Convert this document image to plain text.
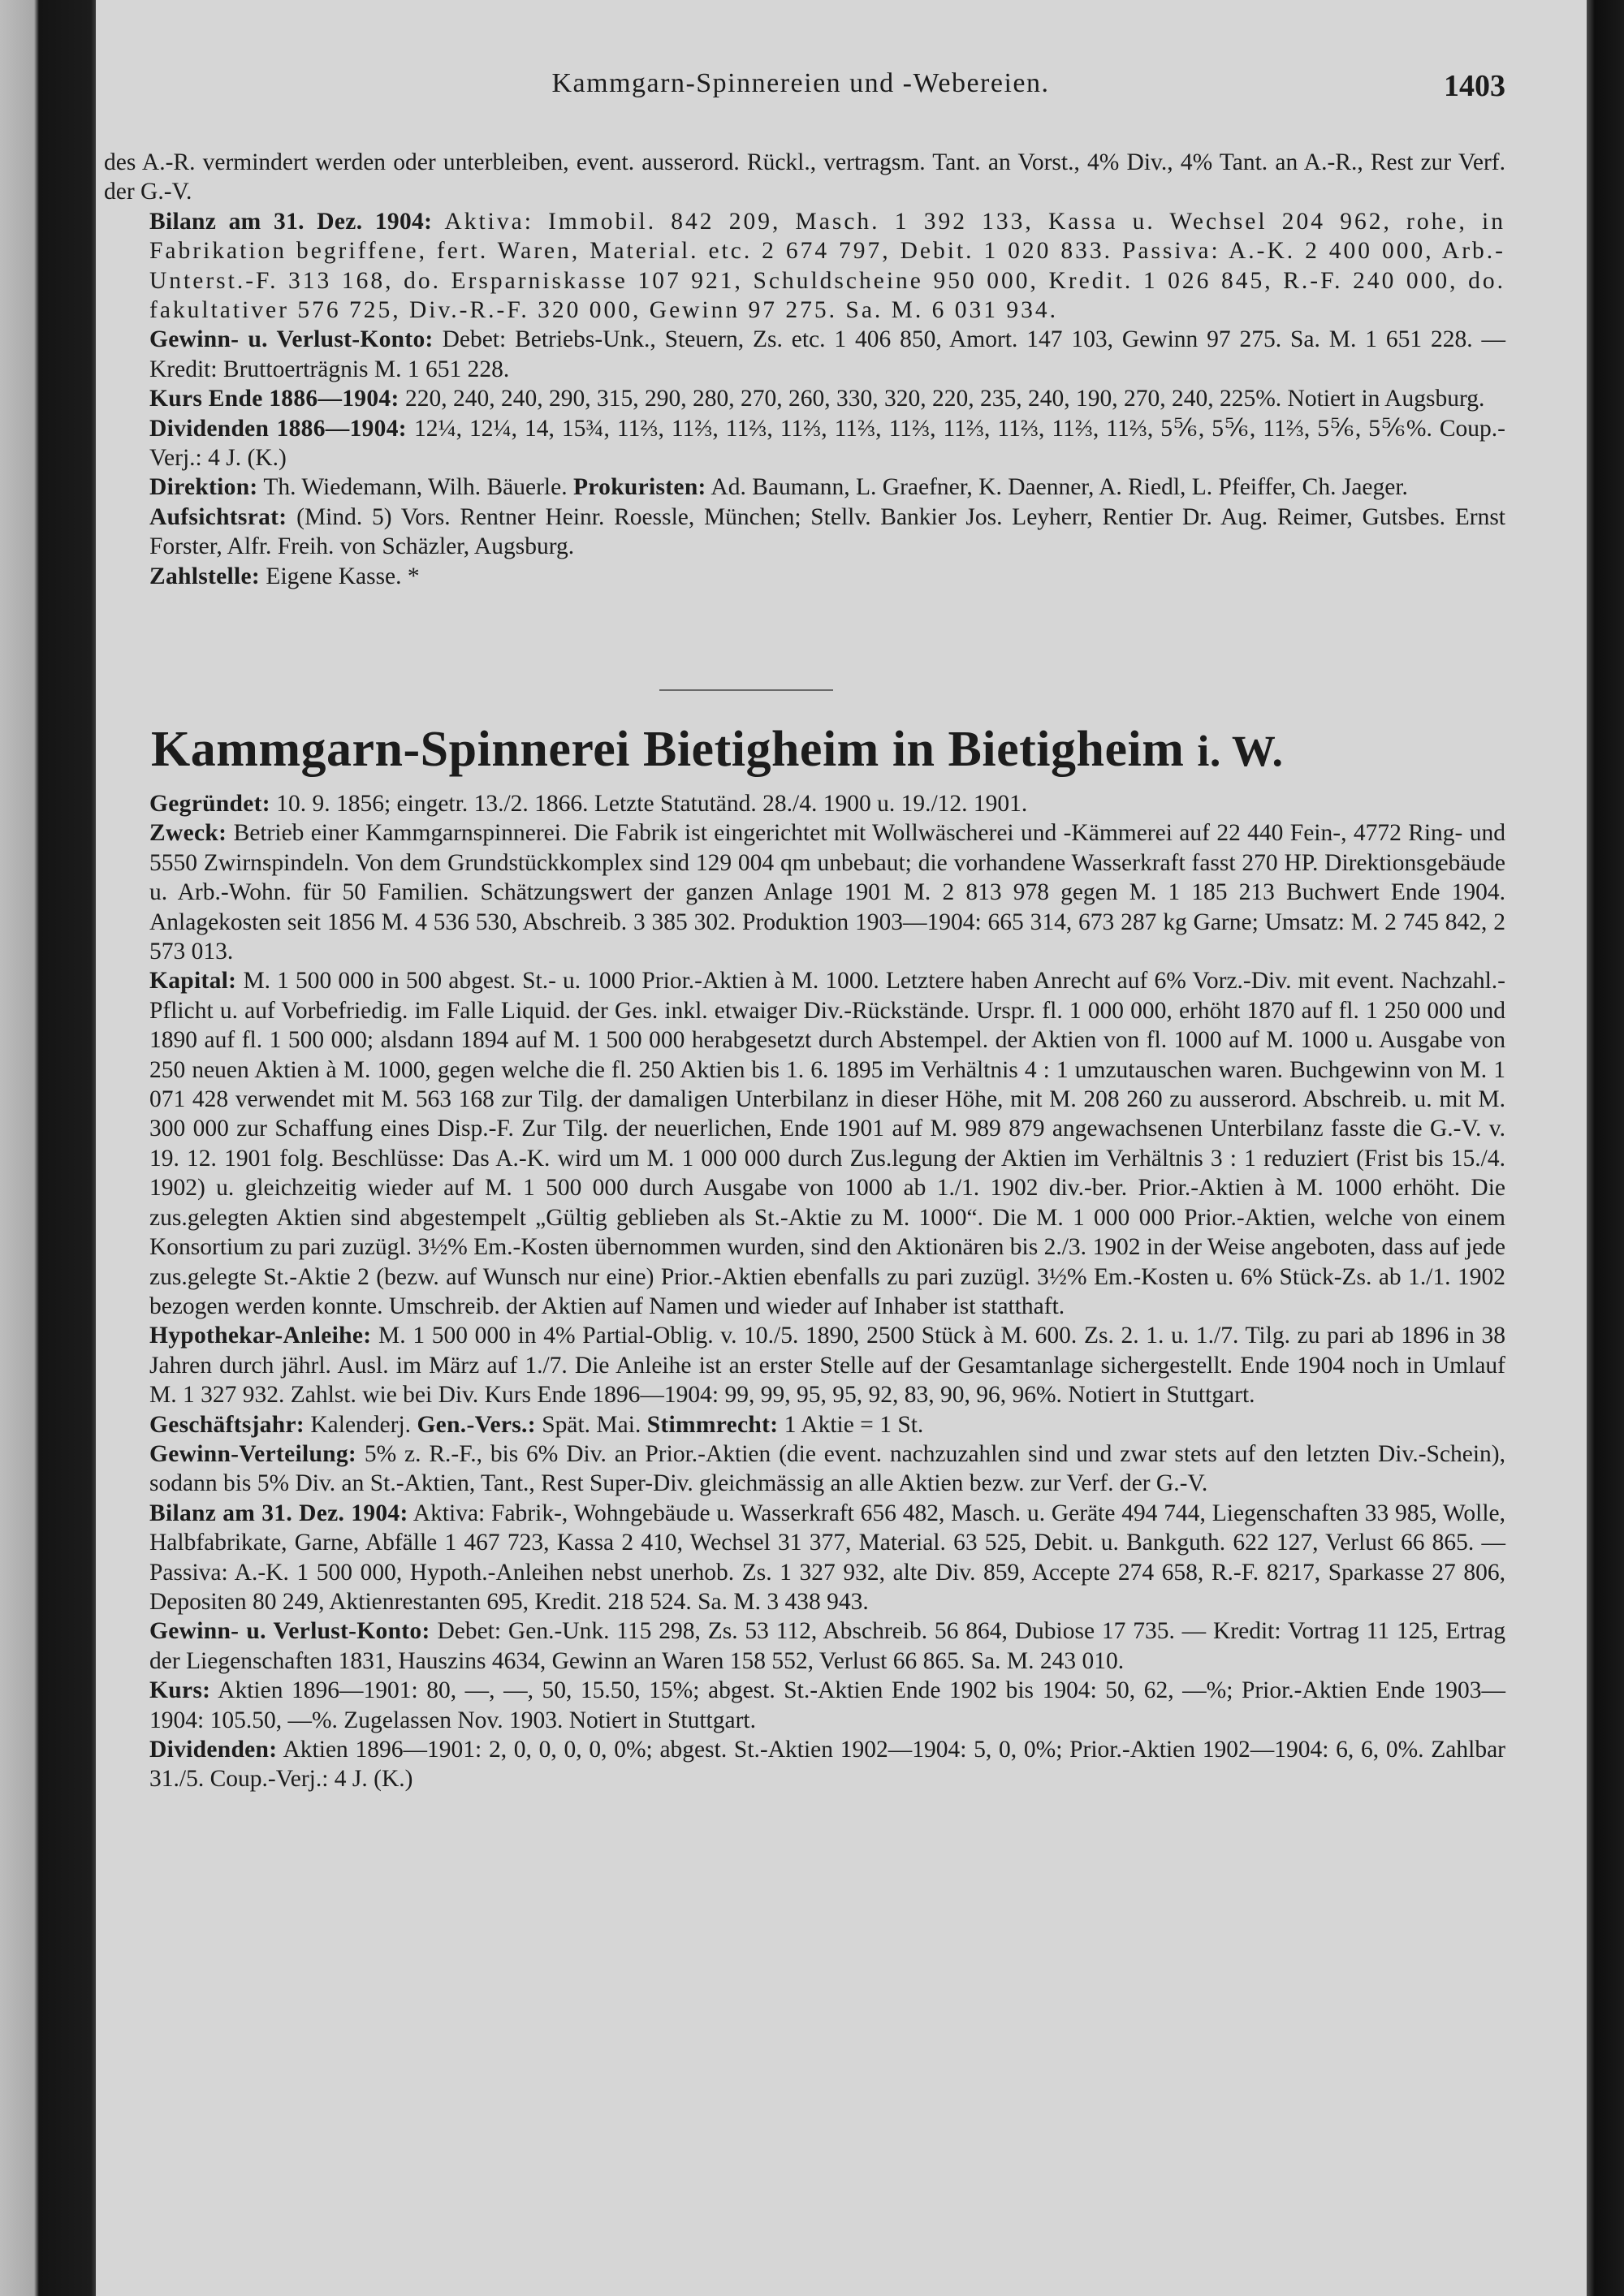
Kammgarn-Spinnereien und -Webereien.	1403

des A.-R. vermindert werden oder unterbleiben, event. ausserord. Rückl., vertragsm. Tant. an Vorst., 4% Div., 4% Tant. an A.-R., Rest zur Verf. der G.-V.

Bilanz am 31. Dez. 1904: Aktiva: Immobil. 842 209, Masch. 1 392 133, Kassa u. Wechsel 204 962, rohe, in Fabrikation begriffene, fert. Waren, Material. etc. 2 674 797, Debit. 1 020 833. Passiva: A.-K. 2 400 000, Arb.-Unterst.-F. 313 168, do. Ersparniskasse 107 921, Schuldscheine 950 000, Kredit. 1 026 845, R.-F. 240 000, do. fakultativer 576 725, Div.-R.-F. 320 000, Gewinn 97 275. Sa. M. 6 031 934.

Gewinn- u. Verlust-Konto: Debet: Betriebs-Unk., Steuern, Zs. etc. 1 406 850, Amort. 147 103, Gewinn 97 275. Sa. M. 1 651 228. — Kredit: Bruttoerträgnis M. 1 651 228.

Kurs Ende 1886—1904: 220, 240, 240, 290, 315, 290, 280, 270, 260, 330, 320, 220, 235, 240, 190, 270, 240, 225%. Notiert in Augsburg.

Dividenden 1886—1904: 12¼, 12¼, 14, 15¾, 11⅔, 11⅔, 11⅔, 11⅔, 11⅔, 11⅔, 11⅔, 11⅔, 11⅔, 11⅔, 5⅚, 5⅚, 11⅔, 5⅚, 5⅚%. Coup.-Verj.: 4 J. (K.)

Direktion: Th. Wiedemann, Wilh. Bäuerle. Prokuristen: Ad. Baumann, L. Graefner, K. Daenner, A. Riedl, L. Pfeiffer, Ch. Jaeger.

Aufsichtsrat: (Mind. 5) Vors. Rentner Heinr. Roessle, München; Stellv. Bankier Jos. Leyherr, Rentier Dr. Aug. Reimer, Gutsbes. Ernst Forster, Alfr. Freih. von Schäzler, Augsburg.

Zahlstelle: Eigene Kasse. *

Kammgarn-Spinnerei Bietigheim in Bietigheim i. W.

Gegründet: 10. 9. 1856; eingetr. 13./2. 1866. Letzte Statutänd. 28./4. 1900 u. 19./12. 1901.

Zweck: Betrieb einer Kammgarnspinnerei. Die Fabrik ist eingerichtet mit Wollwäscherei und -Kämmerei auf 22 440 Fein-, 4772 Ring- und 5550 Zwirnspindeln. Von dem Grundstückkomplex sind 129 004 qm unbebaut; die vorhandene Wasserkraft fasst 270 HP. Direktionsgebäude u. Arb.-Wohn. für 50 Familien. Schätzungswert der ganzen Anlage 1901 M. 2 813 978 gegen M. 1 185 213 Buchwert Ende 1904. Anlagekosten seit 1856 M. 4 536 530, Abschreib. 3 385 302. Produktion 1903—1904: 665 314, 673 287 kg Garne; Umsatz: M. 2 745 842, 2 573 013.

Kapital: M. 1 500 000 in 500 abgest. St.- u. 1000 Prior.-Aktien à M. 1000. Letztere haben Anrecht auf 6% Vorz.-Div. mit event. Nachzahl.-Pflicht u. auf Vorbefriedig. im Falle Liquid. der Ges. inkl. etwaiger Div.-Rückstände. Urspr. fl. 1 000 000, erhöht 1870 auf fl. 1 250 000 und 1890 auf fl. 1 500 000; alsdann 1894 auf M. 1 500 000 herabgesetzt durch Abstempel. der Aktien von fl. 1000 auf M. 1000 u. Ausgabe von 250 neuen Aktien à M. 1000, gegen welche die fl. 250 Aktien bis 1. 6. 1895 im Verhältnis 4 : 1 umzutauschen waren. Buchgewinn von M. 1 071 428 verwendet mit M. 563 168 zur Tilg. der damaligen Unterbilanz in dieser Höhe, mit M. 208 260 zu ausserord. Abschreib. u. mit M. 300 000 zur Schaffung eines Disp.-F. Zur Tilg. der neuerlichen, Ende 1901 auf M. 989 879 angewachsenen Unterbilanz fasste die G.-V. v. 19. 12. 1901 folg. Beschlüsse: Das A.-K. wird um M. 1 000 000 durch Zus.legung der Aktien im Verhältnis 3 : 1 reduziert (Frist bis 15./4. 1902) u. gleichzeitig wieder auf M. 1 500 000 durch Ausgabe von 1000 ab 1./1. 1902 div.-ber. Prior.-Aktien à M. 1000 erhöht. Die zus.gelegten Aktien sind abgestempelt „Gültig geblieben als St.-Aktie zu M. 1000“. Die M. 1 000 000 Prior.-Aktien, welche von einem Konsortium zu pari zuzügl. 3½% Em.-Kosten übernommen wurden, sind den Aktionären bis 2./3. 1902 in der Weise angeboten, dass auf jede zus.gelegte St.-Aktie 2 (bezw. auf Wunsch nur eine) Prior.-Aktien ebenfalls zu pari zuzügl. 3½% Em.-Kosten u. 6% Stück-Zs. ab 1./1. 1902 bezogen werden konnte. Umschreib. der Aktien auf Namen und wieder auf Inhaber ist statthaft.

Hypothekar-Anleihe: M. 1 500 000 in 4% Partial-Oblig. v. 10./5. 1890, 2500 Stück à M. 600. Zs. 2. 1. u. 1./7. Tilg. zu pari ab 1896 in 38 Jahren durch jährl. Ausl. im März auf 1./7. Die Anleihe ist an erster Stelle auf der Gesamtanlage sichergestellt. Ende 1904 noch in Umlauf M. 1 327 932. Zahlst. wie bei Div. Kurs Ende 1896—1904: 99, 99, 95, 95, 92, 83, 90, 96, 96%. Notiert in Stuttgart.

Geschäftsjahr: Kalenderj. Gen.-Vers.: Spät. Mai. Stimmrecht: 1 Aktie = 1 St.

Gewinn-Verteilung: 5% z. R.-F., bis 6% Div. an Prior.-Aktien (die event. nachzuzahlen sind und zwar stets auf den letzten Div.-Schein), sodann bis 5% Div. an St.-Aktien, Tant., Rest Super-Div. gleichmässig an alle Aktien bezw. zur Verf. der G.-V.

Bilanz am 31. Dez. 1904: Aktiva: Fabrik-, Wohngebäude u. Wasserkraft 656 482, Masch. u. Geräte 494 744, Liegenschaften 33 985, Wolle, Halbfabrikate, Garne, Abfälle 1 467 723, Kassa 2 410, Wechsel 31 377, Material. 63 525, Debit. u. Bankguth. 622 127, Verlust 66 865. — Passiva: A.-K. 1 500 000, Hypoth.-Anleihen nebst unerhob. Zs. 1 327 932, alte Div. 859, Accepte 274 658, R.-F. 8217, Sparkasse 27 806, Depositen 80 249, Aktienrestanten 695, Kredit. 218 524. Sa. M. 3 438 943.

Gewinn- u. Verlust-Konto: Debet: Gen.-Unk. 115 298, Zs. 53 112, Abschreib. 56 864, Dubiose 17 735. — Kredit: Vortrag 11 125, Ertrag der Liegenschaften 1831, Hauszins 4634, Gewinn an Waren 158 552, Verlust 66 865. Sa. M. 243 010.

Kurs: Aktien 1896—1901: 80, —, —, 50, 15.50, 15%; abgest. St.-Aktien Ende 1902 bis 1904: 50, 62, —%; Prior.-Aktien Ende 1903—1904: 105.50, —%. Zugelassen Nov. 1903. Notiert in Stuttgart.

Dividenden: Aktien 1896—1901: 2, 0, 0, 0, 0, 0%; abgest. St.-Aktien 1902—1904: 5, 0, 0%; Prior.-Aktien 1902—1904: 6, 6, 0%. Zahlbar 31./5. Coup.-Verj.: 4 J. (K.)
